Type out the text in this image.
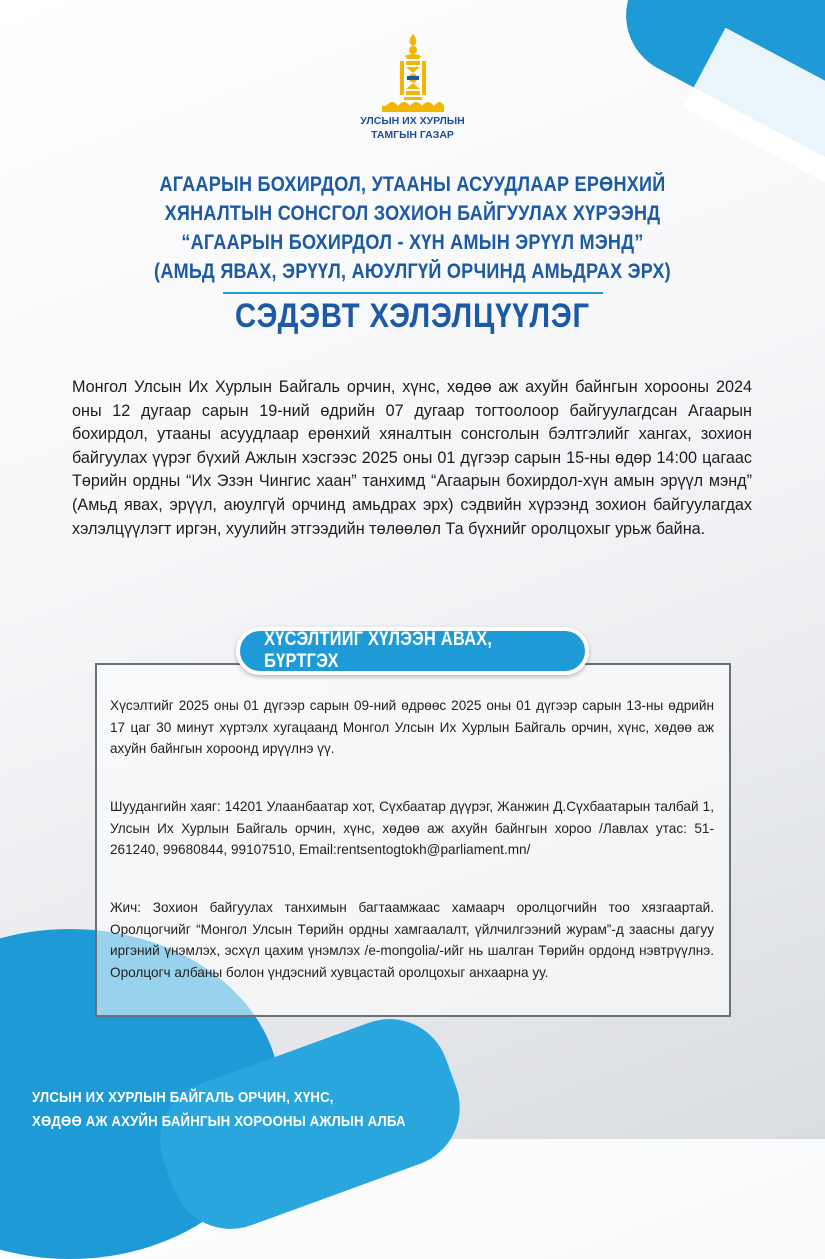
УЛСЫН ИХ ХУРЛЫН
ТАМГЫН ГАЗАР
АГААРЫН БОХИРДОЛ, УТААНЫ АСУУДЛААР ЕРӨНХИЙ
ХЯНАЛТЫН СОНСГОЛ ЗОХИОН БАЙГУУЛАХ ХҮРЭЭНД
“АГААРЫН БОХИРДОЛ - ХҮН АМЫН ЭРҮҮЛ МЭНД”
(АМЬД ЯВАХ, ЭРҮҮЛ, АЮУЛГҮЙ ОРЧИНД АМЬДРАХ ЭРХ)
СЭДЭВТ ХЭЛЭЛЦҮҮЛЭГ
Монгол Улсын Их Хурлын Байгаль орчин, хүнс, хөдөө аж ахуйн байнгын хорооны 2024 оны 12 дугаар сарын 19-ний өдрийн 07 дугаар тогтоолоор байгуулагдсан Агаарын бохирдол, утааны асуудлаар ерөнхий хяналтын сонсголын бэлтгэлийг хангах, зохион байгуулах үүрэг бүхий Ажлын хэсгээс 2025 оны 01 дүгээр сарын 15-ны өдөр 14:00 цагаас Төрийн ордны “Их Эзэн Чингис хаан” танхимд “Агаарын бохирдол-хүн амын эрүүл мэнд” (Амьд явах, эрүүл, аюулгүй орчинд амьдрах эрх) сэдвийн хүрээнд зохион байгуулагдах хэлэлцүүлэгт иргэн, хуулийн этгээдийн төлөөлөл Та бүхнийг оролцохыг урьж байна.
ХҮСЭЛТИЙГ ХҮЛЭЭН АВАХ, БҮРТГЭХ
Хүсэлтийг 2025 оны 01 дүгээр сарын 09-ний өдрөөс 2025 оны 01 дүгээр сарын 13-ны өдрийн 17 цаг 30 минут хүртэлх хугацаанд Монгол Улсын Их Хурлын Байгаль орчин, хүнс, хөдөө аж ахуйн байнгын хороонд ирүүлнэ үү.
Шуудангийн хаяг: 14201 Улаанбаатар хот, Сүхбаатар дүүрэг, Жанжин Д.Сүхбаатарын талбай 1, Улсын Их Хурлын Байгаль орчин, хүнс, хөдөө аж ахуйн байнгын хороо /Лавлах утас: 51-261240, 99680844, 99107510, Email:rentsentogtokh@parliament.mn/
Жич: Зохион байгуулах танхимын багтаамжаас хамаарч оролцогчийн тоо хязгаартай. Оролцогчийг “Монгол Улсын Төрийн ордны хамгаалалт, үйлчилгээний журам”-д заасны дагуу иргэний үнэмлэх, эсхүл цахим үнэмлэх /e-mongolia/-ийг нь шалган Төрийн ордонд нэвтрүүлнэ. Оролцогч албаны болон үндэсний хувцастай оролцохыг анхаарна уу.
УЛСЫН ИХ ХУРЛЫН БАЙГАЛЬ ОРЧИН, ХҮНС,
ХӨДӨӨ АЖ АХУЙН БАЙНГЫН ХОРООНЫ АЖЛЫН АЛБА
